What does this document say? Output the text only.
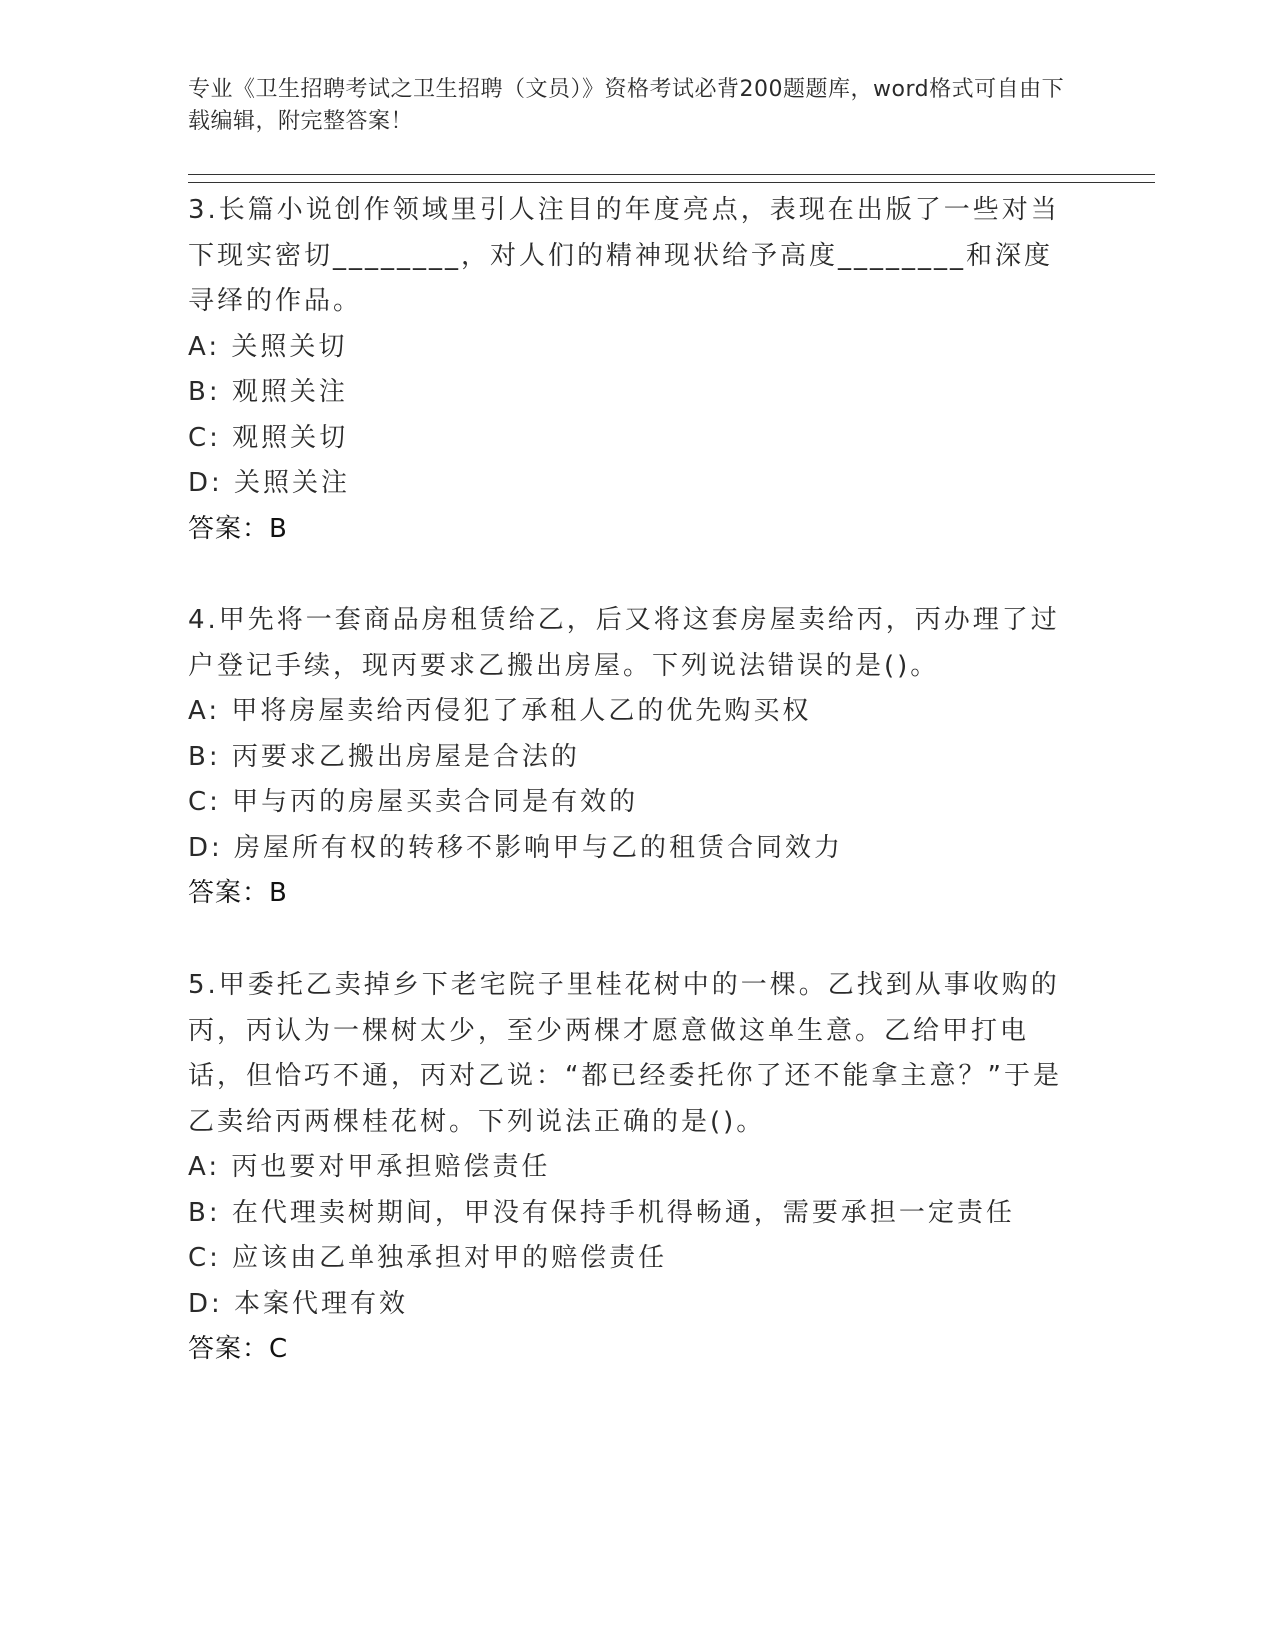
专业《卫生招聘考试之卫生招聘（文员）》资格考试必背200题题库，word格式可自由下载编辑，附完整答案！
3.长篇小说创作领域里引人注目的年度亮点，表现在出版了一些对当下现实密切________，对人们的精神现状给予高度________和深度寻绎的作品。
A: 关照关切
B: 观照关注
C: 观照关切
D: 关照关注
答案：B
4.甲先将一套商品房租赁给乙，后又将这套房屋卖给丙，丙办理了过户登记手续，现丙要求乙搬出房屋。下列说法错误的是()。
A: 甲将房屋卖给丙侵犯了承租人乙的优先购买权
B: 丙要求乙搬出房屋是合法的
C: 甲与丙的房屋买卖合同是有效的
D: 房屋所有权的转移不影响甲与乙的租赁合同效力
答案：B
5.甲委托乙卖掉乡下老宅院子里桂花树中的一棵。乙找到从事收购的丙，丙认为一棵树太少，至少两棵才愿意做这单生意。乙给甲打电话，但恰巧不通，丙对乙说：“都已经委托你了还不能拿主意？”于是乙卖给丙两棵桂花树。下列说法正确的是()。
A: 丙也要对甲承担赔偿责任
B: 在代理卖树期间，甲没有保持手机得畅通，需要承担一定责任
C: 应该由乙单独承担对甲的赔偿责任
D: 本案代理有效
答案：C
